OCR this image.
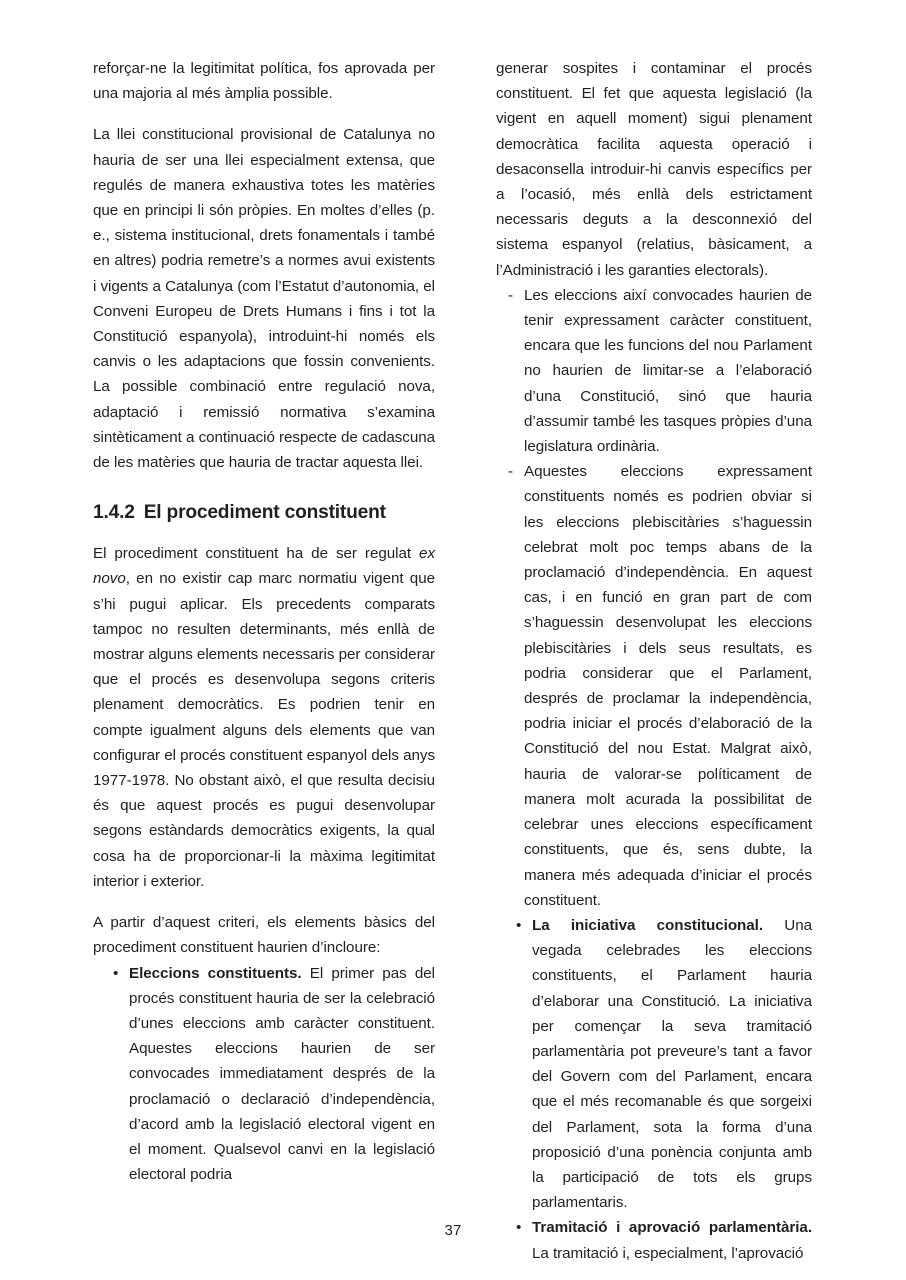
reforçar-ne la legitimitat política, fos aprovada per una majoria al més àmplia possible.

La llei constitucional provisional de Catalunya no hauria de ser una llei especialment extensa, que regulés de manera exhaustiva totes les matèries que en principi li són pròpies. En moltes d’elles (p. e., sistema institucional, drets fonamentals i també en altres) podria remetre’s a normes avui existents i vigents a Catalunya (com l’Estatut d’autonomia, el Conveni Europeu de Drets Humans i fins i tot la Constitució espanyola), introduint-hi només els canvis o les adaptacions que fossin convenients. La possible combinació entre regulació nova, adaptació i remissió normativa s’examina sintèticament a continuació respecte de cadascuna de les matèries que hauria de tractar aquesta llei.

1.4.2 El procediment constituent

El procediment constituent ha de ser regulat ex novo, en no existir cap marc normatiu vigent que s’hi pugui aplicar. Els precedents comparats tampoc no resulten determinants, més enllà de mostrar alguns elements necessaris per considerar que el procés es desenvolupa segons criteris plenament democràtics. Es podrien tenir en compte igualment alguns dels elements que van configurar el procés constituent espanyol dels anys 1977-1978. No obstant això, el que resulta decisiu és que aquest procés es pugui desenvolupar segons estàndards democràtics exigents, la qual cosa ha de proporcionar-li la màxima legitimitat interior i exterior.

A partir d’aquest criteri, els elements bàsics del procediment constituent haurien d’incloure:

• Eleccions constituents. El primer pas del procés constituent hauria de ser la celebració d’unes eleccions amb caràcter constituent. Aquestes eleccions haurien de ser convocades immediatament després de la proclamació o declaració d’independència, d’acord amb la legislació electoral vigent en el moment. Qualsevol canvi en la legislació electoral podria

generar sospites i contaminar el procés constituent. El fet que aquesta legislació (la vigent en aquell moment) sigui plenament democràtica facilita aquesta operació i desaconsella introduir-hi canvis específics per a l’ocasió, més enllà dels estrictament necessaris deguts a la desconnexió del sistema espanyol (relatius, bàsicament, a l’Administració i les garanties electorals).

- Les eleccions així convocades haurien de tenir expressament caràcter constituent, encara que les funcions del nou Parlament no haurien de limitar-se a l’elaboració d’una Constitució, sinó que hauria d’assumir també les tasques pròpies d’una legislatura ordinària.
- Aquestes eleccions expressament constituents només es podrien obviar si les eleccions plebiscitàries s’haguessin celebrat molt poc temps abans de la proclamació d’independència. En aquest cas, i en funció en gran part de com s’haguessin desenvolupat les eleccions plebiscitàries i dels seus resultats, es podria considerar que el Parlament, després de proclamar la independència, podria iniciar el procés d’elaboració de la Constitució del nou Estat. Malgrat això, hauria de valorar-se políticament de manera molt acurada la possibilitat de celebrar unes eleccions específicament constituents, que és, sens dubte, la manera més adequada d’iniciar el procés constituent.
• La iniciativa constitucional. Una vegada celebrades les eleccions constituents, el Parlament hauria d’elaborar una Constitució. La iniciativa per començar la seva tramitació parlamentària pot preveure’s tant a favor del Govern com del Parlament, encara que el més recomanable és que sorgeixi del Parlament, sota la forma d’una proposició d’una ponència conjunta amb la participació de tots els grups parlamentaris.
• Tramitació i aprovació parlamentària. La tramitació i, especialment, l’aprovació
37
